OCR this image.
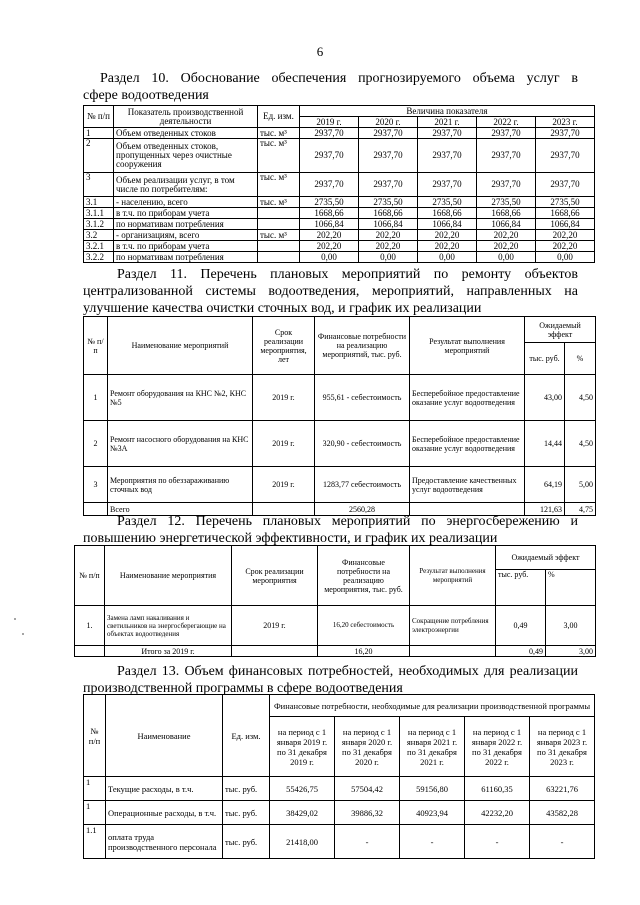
6
Раздел 10. Обоснование обеспечения прогнозируемого объема услуг в
сфере водоотведения
№ п/п	Показатель производственной деятельности	Ед. изм.	Величина показателя				
			2019 г.	2020 г.	2021 г.	2022 г.	2023 г.
1	Объем отведенных стоков	тыс. м³	2937,70	2937,70	2937,70	2937,70	2937,70
2	Объем отведенных стоков, пропущенных через очистные сооружения	тыс. м³	2937,70	2937,70	2937,70	2937,70	2937,70
3	Объем реализации услуг, в том числе по потребителям:	тыс. м³	2937,70	2937,70	2937,70	2937,70	2937,70
3.1	- населению, всего	тыс. м³	2735,50	2735,50	2735,50	2735,50	2735,50
3.1.1	в т.ч. по приборам учета		1668,66	1668,66	1668,66	1668,66	1668,66
3.1.2	по нормативам потребления		1066,84	1066,84	1066,84	1066,84	1066,84
3.2	- организациям, всего	тыс. м³	202,20	202,20	202,20	202,20	202,20
3.2.1	в т.ч. по приборам учета		202,20	202,20	202,20	202,20	202,20
3.2.2	по нормативам потребления		0,00	0,00	0,00	0,00	0,00
Раздел 11. Перечень плановых мероприятий по ремонту объектов
централизованной системы водоотведения, мероприятий, направленных на
улучшение качества очистки сточных вод, и график их реализации
№ п/п	Наименование мероприятий	Срок реализации мероприятия, лет	Финансовые потребности на реализацию мероприятий, тыс. руб.	Результат выполнения мероприятий	Ожидаемый эффект	
					тыс. руб.	%
1	Ремонт оборудования на КНС №2, КНС №5	2019 г.	955,61 - себестоимость	Бесперебойное предоставление оказание услуг водоотведения	43,00	4,50
2	Ремонт насосного оборудования на КНС №3А	2019 г.	320,90 - себестоимость	Бесперебойное предоставление оказание услуг водоотведения	14,44	4,50
3	Мероприятия по обеззараживанию сточных вод	2019 г.	1283,77 себестоимость	Предоставление качественных услуг водоотведения	64,19	5,00
	Всего		2560,28		121,63	4,75
Раздел 12. Перечень плановых мероприятий по энергосбережению и
повышению энергетической эффективности, и график их реализации
№ п/п	Наименование мероприятия	Срок реализации мероприятия	Финансовые потребности на реализацию мероприятия, тыс. руб.	Результат выполнения мероприятий	Ожидаемый эффект	
					тыс. руб.	%
1.	Замена ламп накаливания и светильников на энергосберегающие на объектах водоотведения	2019 г.	16,20 себестоимость	Сокращение потребления электроэнергии	0,49	3,00
	Итого за 2019 г.		16,20		0,49	3,00
Раздел 13. Объем финансовых потребностей, необходимых для реализации
производственной программы в сфере водоотведения
№ п/п	Наименование	Ед. изм.	Финансовые потребности, необходимые для реализации производственной программы				
			на период с 1 января 2019 г. по 31 декабря 2019 г.	на период с 1 января 2020 г. по 31 декабря 2020 г.	на период с 1 января 2021 г. по 31 декабря 2021 г.	на период с 1 января 2022 г. по 31 декабря 2022 г.	на период с 1 января 2023 г. по 31 декабря 2023 г.
1	Текущие расходы, в т.ч.	тыс. руб.	55426,75	57504,42	59156,80	61160,35	63221,76
1	Операционные расходы, в т.ч.	тыс. руб.	38429,02	39886,32	40923,94	42232,20	43582,28
1.1	оплата труда производственного персонала	тыс. руб.	21418,00	-	-	-	-
